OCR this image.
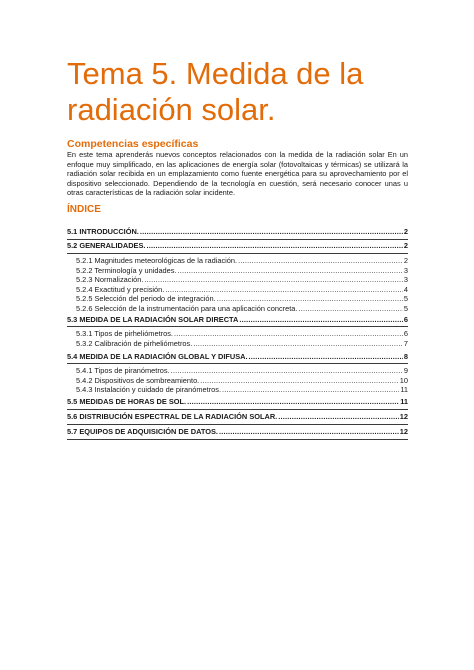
Tema 5. Medida de la
radiación solar.
Competencias específicas

En este tema aprenderás nuevos conceptos relacionados con la medida de la radiación solar En un enfoque muy simplificado, en las aplicaciones de energía solar (fotovoltaicas y térmicas) se utilizará la radiación solar recibida en un emplazamiento como fuente energética para su aprovechamiento por el dispositivo seleccionado. Dependiendo de la tecnología en cuestión, será necesario conocer unas u otras características de la radiación solar incidente.

ÍNDICE
5.1 INTRODUCCIÓN. .....	2
5.2 GENERALIDADES. .....	2
5.2.1 Magnitudes meteorológicas de la radiación. .....	2
5.2.2 Terminología y unidades. .....	3
5.2.3 Normalización. .....	3
5.2.4 Exactitud y precisión. .....	4
5.2.5 Selección del periodo de integración. .....	5
5.2.6 Selección de la instrumentación para una aplicación concreta. .....	5
5.3 MEDIDA DE LA RADIACIÓN SOLAR DIRECTA .....	6
5.3.1 Tipos de pirheliómetros. .....	6
5.3.2 Calibración de pirheliómetros. .....	7
5.4 MEDIDA DE LA RADIACIÓN GLOBAL Y DIFUSA. .....	8
5.4.1 Tipos de piranómetros. .....	9
5.4.2 Dispositivos de sombreamiento. .....	10
5.4.3 Instalación y cuidado de piranómetros. .....	11
5.5 MEDIDAS DE HORAS DE SOL. .....	11
5.6 DISTRIBUCIÓN ESPECTRAL DE LA RADIACIÓN SOLAR. .....	12
5.7 EQUIPOS DE ADQUISICIÓN DE DATOS. .....	12
